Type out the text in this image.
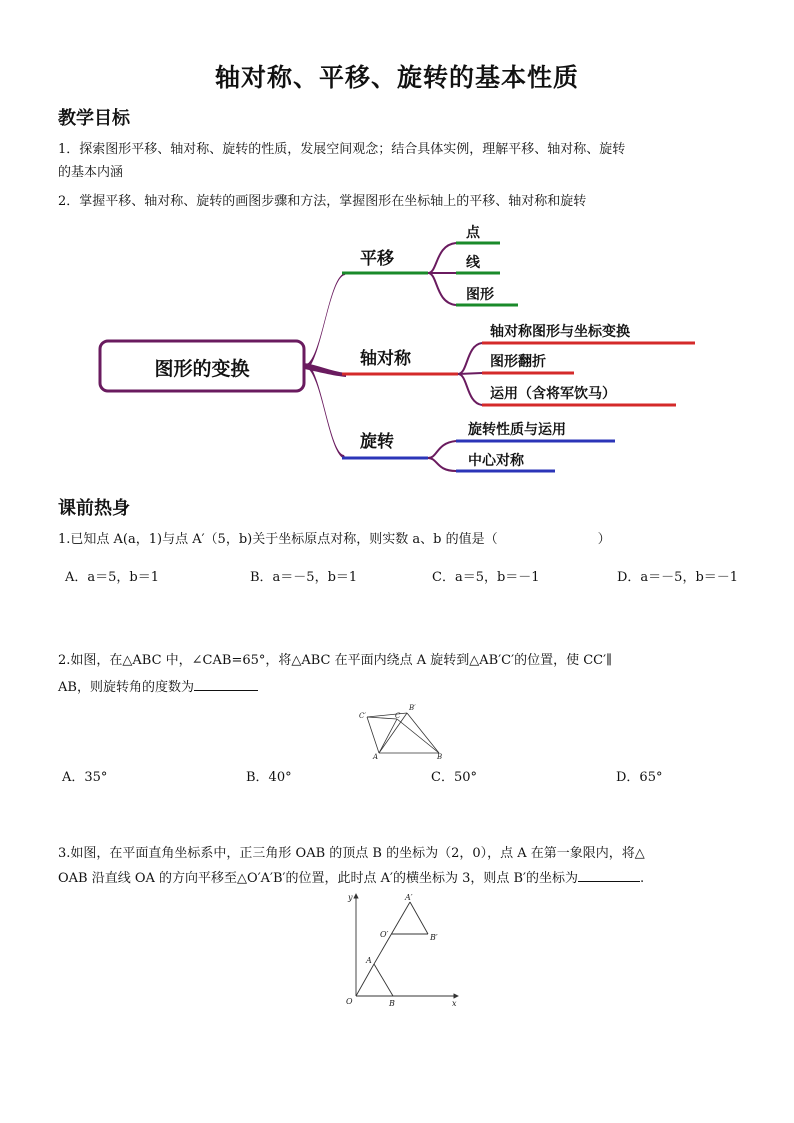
轴对称、平移、旋转的基本性质
教学目标
1．探索图形平移、轴对称、旋转的性质，发展空间观念；结合具体实例，理解平移、轴对称、旋转
的基本内涵
2．掌握平移、轴对称、旋转的画图步骤和方法，掌握图形在坐标轴上的平移、轴对称和旋转
图形的变换
平移
点
线
图形
轴对称
轴对称图形与坐标变换
图形翻折
运用（含将军饮马）
旋转
旋转性质与运用
中心对称
课前热身
1.已知点 A(a，1)与点 A′（5，b)关于坐标原点对称，则实数 a、b 的值是（	）
A．a＝5，b＝1	B．a＝－5，b＝1	C．a＝5，b＝－1	D．a＝－5，b＝－1
2.如图，在△ABC 中，∠CAB=65°，将△ABC 在平面内绕点 A 旋转到△AB′C′的位置，使 CC′∥
AB，则旋转角的度数为
C′	C
B′
A	B
A．35°	B．40°	C．50°	D．65°
3.如图，在平面直角坐标系中，正三角形 OAB 的顶点 B 的坐标为（2，0），点 A 在第一象限内，将△
OAB 沿直线 OA 的方向平移至△O′A′B′的位置，此时点 A′的横坐标为 3，则点 B′的坐标为	.
y
x
O
A
B
O′
A′
B′
